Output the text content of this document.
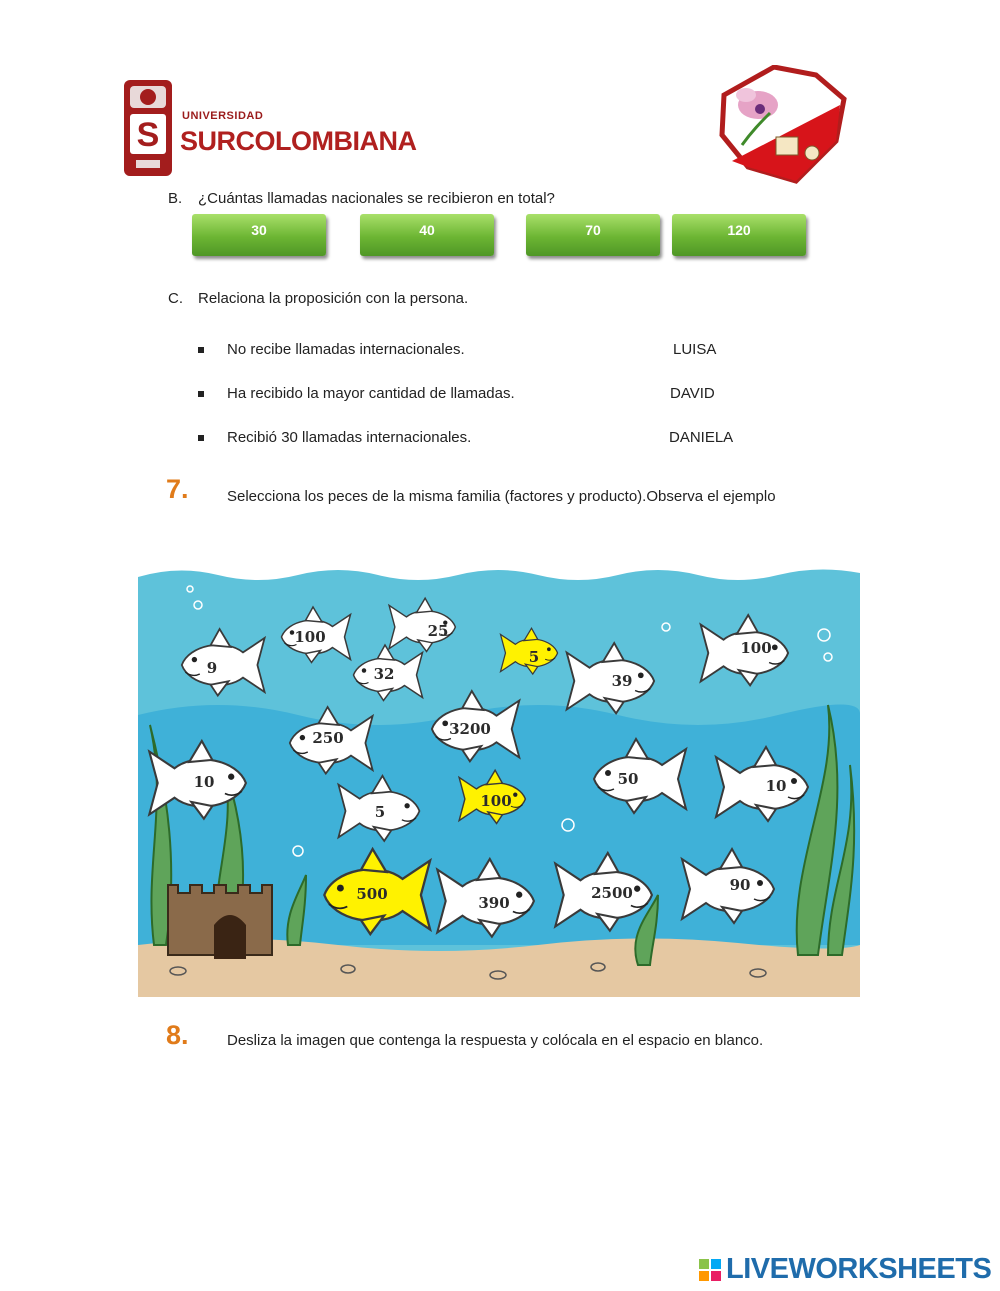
S UNIVERSIDAD
SURCOLOMBIANA
B. ¿Cuántas llamadas nacionales se recibieron en total?
30	40	70	120
C. Relaciona la proposición con la persona.
No recibe llamadas internacionales.	LUISA
Ha recibido la mayor cantidad de llamadas.	DAVID
Recibió 30 llamadas internacionales.	DANIELA
7.	Selecciona los peces de la misma familia (factores y producto).Observa el ejemplo
100	25
9	32
5
39
100
250	3200
10
100
5
50	10
500	390
2500	90
8.	Desliza la imagen que contenga la respuesta y colócala en el espacio en blanco.
LIVEWORKSHEETS
